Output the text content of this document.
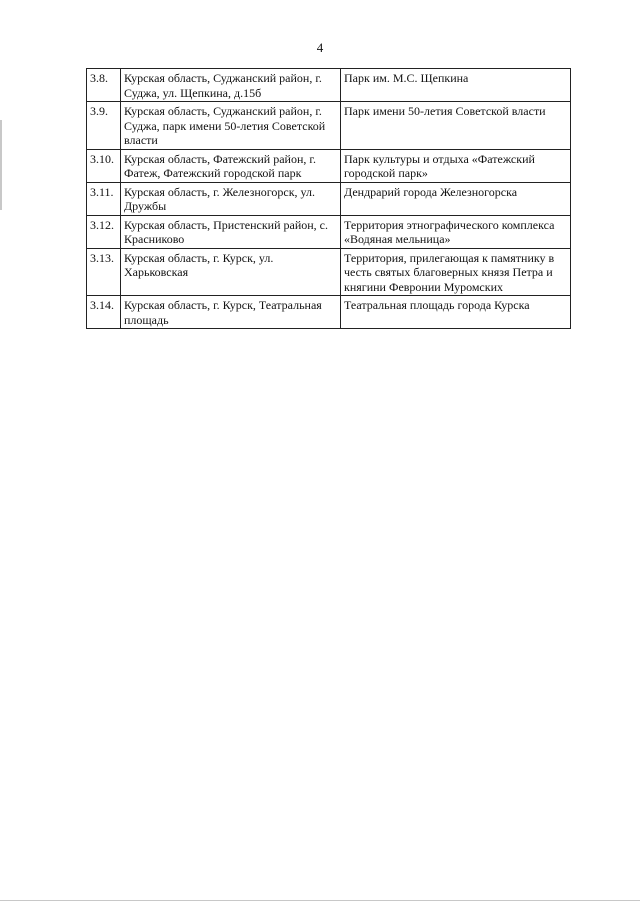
4
3.8.	Курская область, Суджанский район, г. Суджа, ул. Щепкина, д.15б	Парк им. М.С. Щепкина
3.9.	Курская область, Суджанский район, г. Суджа, парк имени 50-летия Советской власти	Парк имени 50-летия Советской власти
3.10.	Курская область, Фатежский район, г. Фатеж, Фатежский городской парк	Парк культуры и отдыха «Фатежский городской парк»
3.11.	Курская область, г. Железногорск, ул. Дружбы	Дендрарий города Железногорска
3.12.	Курская область, Пристенский район, с. Красниково	Территория этнографического комплекса «Водяная мельница»
3.13.	Курская область, г. Курск, ул. Харьковская	Территория, прилегающая к памятнику в честь святых благоверных князя Петра и княгини Февронии Муромских
3.14.	Курская область, г. Курск, Театральная площадь	Театральная площадь города Курска
